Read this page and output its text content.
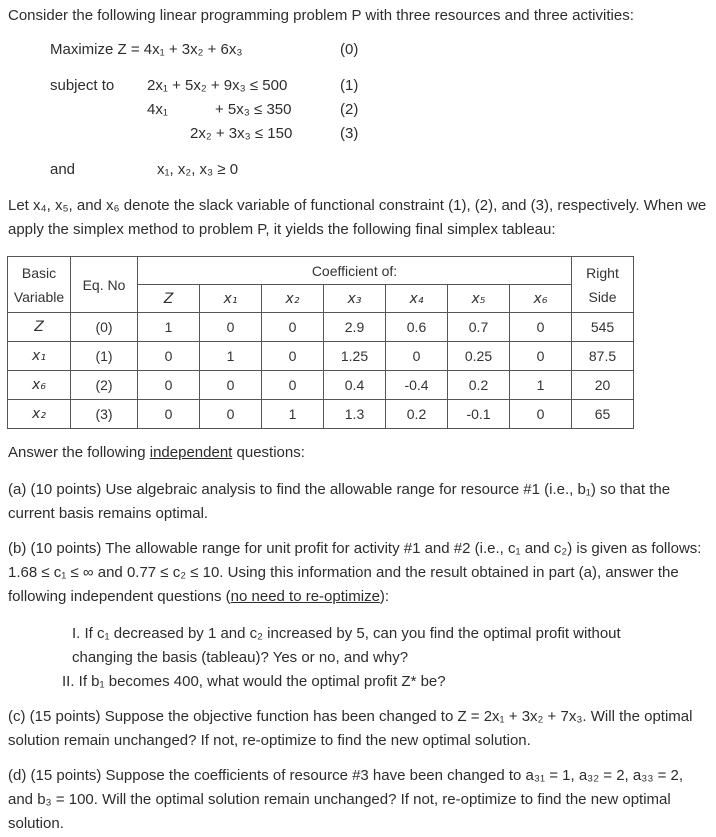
Consider the following linear programming problem P with three resources and three activities:
Maximize Z = 4x₁ + 3x₂ + 6x₃	(0)
subject to 2x₁ + 5x₂ + 9x₃ ≤ 500	(1)
4x₁	+ 5x₃ ≤ 350	(2)
2x₂ + 3x₃ ≤ 150	(3)
and	x₁, x₂, x₃ ≥ 0
Let x₄, x₅, and x₆ denote the slack variable of functional constraint (1), (2), and (3), respectively. When we apply the simplex method to problem P, it yields the following final simplex tableau:
Basic Variable	Eq. No	Coefficient of:							Right Side
		Z	x₁	x₂	x₃	x₄	x₅	x₆	
Z	(0)	1	0	0	2.9	0.6	0.7	0	545
x₁	(1)	0	1	0	1.25	0	0.25	0	87.5
x₆	(2)	0	0	0	0.4	-0.4	0.2	1	20
x₂	(3)	0	0	1	1.3	0.2	-0.1	0	65
Answer the following independent questions:
(a) (10 points) Use algebraic analysis to find the allowable range for resource #1 (i.e., b₁) so that the current basis remains optimal.
(b) (10 points) The allowable range for unit profit for activity #1 and #2 (i.e., c₁ and c₂) is given as follows: 1.68 ≤ c₁ ≤ ∞ and 0.77 ≤ c₂ ≤ 10. Using this information and the result obtained in part (a), answer the following independent questions (no need to re-optimize):
I. If c₁ decreased by 1 and c₂ increased by 5, can you find the optimal profit without changing the basis (tableau)? Yes or no, and why?
II. If b₁ becomes 400, what would the optimal profit Z* be?
(c) (15 points) Suppose the objective function has been changed to Z = 2x₁ + 3x₂ + 7x₃. Will the optimal solution remain unchanged? If not, re-optimize to find the new optimal solution.
(d) (15 points) Suppose the coefficients of resource #3 have been changed to a₃₁ = 1, a₃₂ = 2, a₃₃ = 2, and b₃ = 100. Will the optimal solution remain unchanged? If not, re-optimize to find the new optimal solution.
